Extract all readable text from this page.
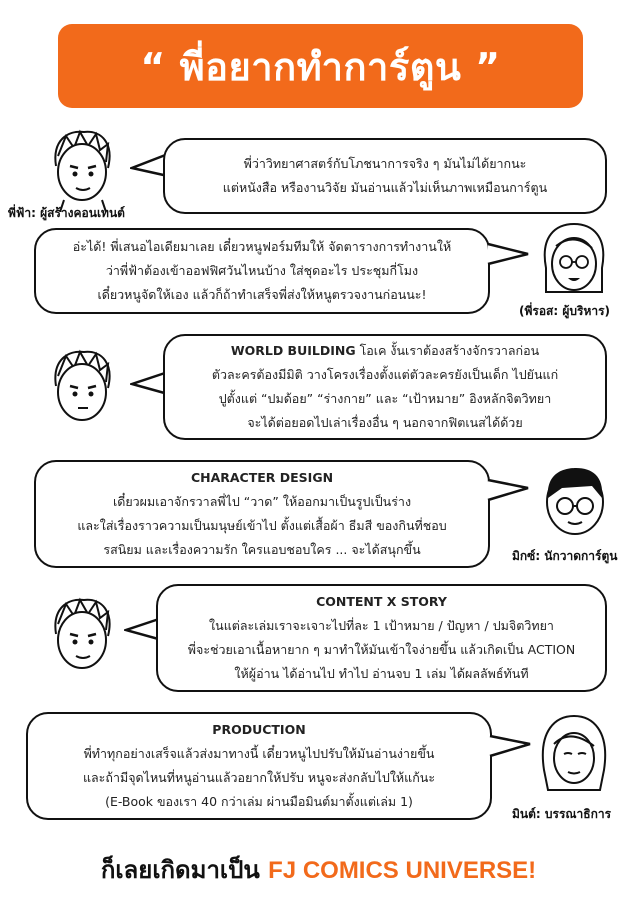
“ พี่อยากทำการ์ตูน ”
พี่ฟ้า: ผู้สร้างคอนเทนต์
พี่ว่าวิทยาศาสตร์กับโภชนาการจริง ๆ มันไม่ได้ยากนะ
แต่หนังสือ หรืองานวิจัย มันอ่านแล้วไม่เห็นภาพเหมือนการ์ตูน
อ่ะได้! พี่เสนอไอเดียมาเลย เดี๋ยวหนูฟอร์มทีมให้ จัดตารางการทำงานให้
ว่าพี่ฟ้าต้องเข้าออฟฟิศวันไหนบ้าง ใส่ชุดอะไร ประชุมกี่โมง
เดี๋ยวหนูจัดให้เอง แล้วก็ถ้าทำเสร็จพี่ส่งให้หนูตรวจงานก่อนนะ!
(พี่รอส: ผู้บริหาร)
WORLD BUILDING โอเค งั้นเราต้องสร้างจักรวาลก่อน
ตัวละครต้องมีมิติ วางโครงเรื่องตั้งแต่ตัวละครยังเป็นเด็ก ไปยันแก่
ปูตั้งแต่ “ปมด้อย” “ร่างกาย” และ “เป้าหมาย” อิงหลักจิตวิทยา
จะได้ต่อยอดไปเล่าเรื่องอื่น ๆ นอกจากฟิตเนสได้ด้วย
CHARACTER DESIGN
เดี๋ยวผมเอาจักรวาลพี่ไป “วาด” ให้ออกมาเป็นรูปเป็นร่าง
และใส่เรื่องราวความเป็นมนุษย์เข้าไป ตั้งแต่เสื้อผ้า ธีมสี ของกินที่ชอบ
รสนิยม และเรื่องความรัก ใครแอบชอบใคร ... จะได้สนุกขึ้น	มิกซ์: นักวาดการ์ตูน
CONTENT X STORY
ในแต่ละเล่มเราจะเจาะไปที่ละ 1 เป้าหมาย / ปัญหา / ปมจิตวิทยา
พี่จะช่วยเอาเนื้อหายาก ๆ มาทำให้มันเข้าใจง่ายขึ้น แล้วเกิดเป็น ACTION
ให้ผู้อ่าน ได้อ่านไป ทำไป อ่านจบ 1 เล่ม ได้ผลลัพธ์ทันที
PRODUCTION
พี่ทำทุกอย่างเสร็จแล้วส่งมาทางนี้ เดี๋ยวหนูไปปรับให้มันอ่านง่ายขึ้น
และถ้ามีจุดไหนที่หนูอ่านแล้วอยากให้ปรับ หนูจะส่งกลับไปให้แก้นะ
(E-Book ของเรา 40 กว่าเล่ม ผ่านมือมินต์มาตั้งแต่เล่ม 1)
มินต์: บรรณาธิการ
ก็เลยเกิดมาเป็น FJ COMICS UNIVERSE!
